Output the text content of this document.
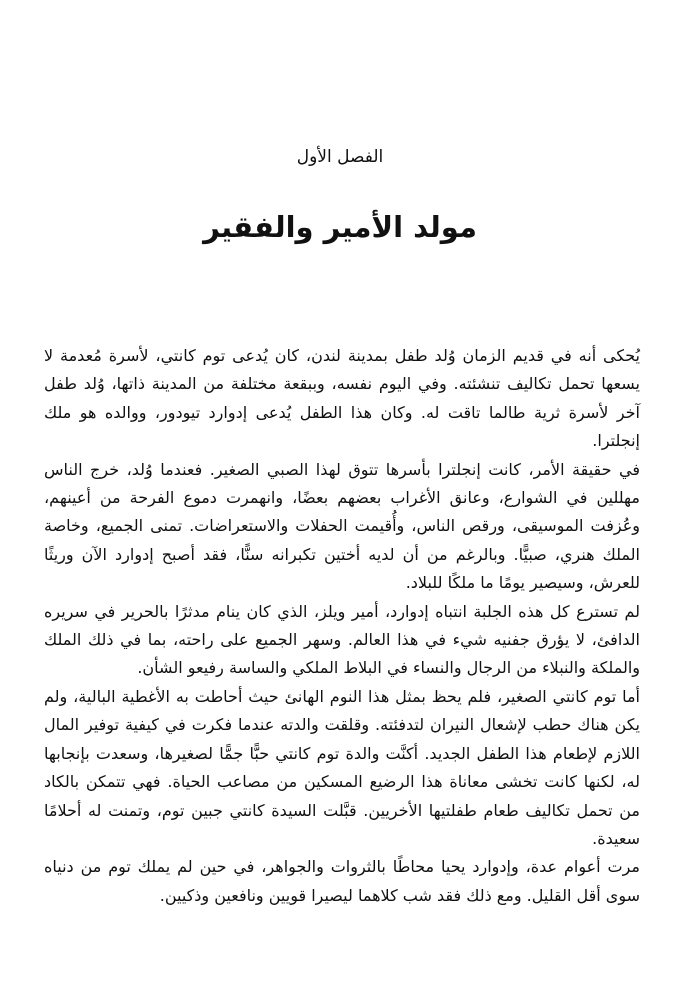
الفصل الأول
مولد الأمير والفقير

يُحكى أنه في قديم الزمان وُلد طفل بمدينة لندن، كان يُدعى توم كانتي، لأسرة مُعدمة لا يسعها تحمل تكاليف تنشئته. وفي اليوم نفسه، وببقعة مختلفة من المدينة ذاتها، وُلد طفل آخر لأسرة ثرية طالما تاقت له. وكان هذا الطفل يُدعى إدوارد تيودور، ووالده هو ملك إنجلترا.

في حقيقة الأمر، كانت إنجلترا بأسرها تتوق لهذا الصبي الصغير. فعندما وُلد، خرج الناس مهللين في الشوارع، وعانق الأغراب بعضهم بعضًا، وانهمرت دموع الفرحة من أعينهم، وعُزفت الموسيقى، ورقص الناس، وأُقيمت الحفلات والاستعراضات. تمنى الجميع، وخاصة الملك هنري، صبيًّا. وبالرغم من أن لديه أختين تكبرانه سنًّا، فقد أصبح إدوارد الآن وريثًا للعرش، وسيصير يومًا ما ملكًا للبلاد.

لم تسترع كل هذه الجلبة انتباه إدوارد، أمير ويلز، الذي كان ينام مدثرًا بالحرير في سريره الدافئ، لا يؤرق جفنيه شيء في هذا العالم. وسهر الجميع على راحته، بما في ذلك الملك والملكة والنبلاء من الرجال والنساء في البلاط الملكي والساسة رفيعو الشأن.

أما توم كانتي الصغير، فلم يحظ بمثل هذا النوم الهانئ حيث أحاطت به الأغطية البالية، ولم يكن هناك حطب لإشعال النيران لتدفئته. وقلقت والدته عندما فكرت في كيفية توفير المال اللازم لإطعام هذا الطفل الجديد. أكنَّت والدة توم كانتي حبًّا جمًّا لصغيرها، وسعدت بإنجابها له، لكنها كانت تخشى معاناة هذا الرضيع المسكين من مصاعب الحياة. فهي تتمكن بالكاد من تحمل تكاليف طعام طفلتيها الأخريين. قبَّلت السيدة كانتي جبين توم، وتمنت له أحلامًا سعيدة.

مرت أعوام عدة، وإدوارد يحيا محاطًا بالثروات والجواهر، في حين لم يملك توم من دنياه سوى أقل القليل. ومع ذلك فقد شب كلاهما ليصيرا قويين ونافعين وذكيين.
